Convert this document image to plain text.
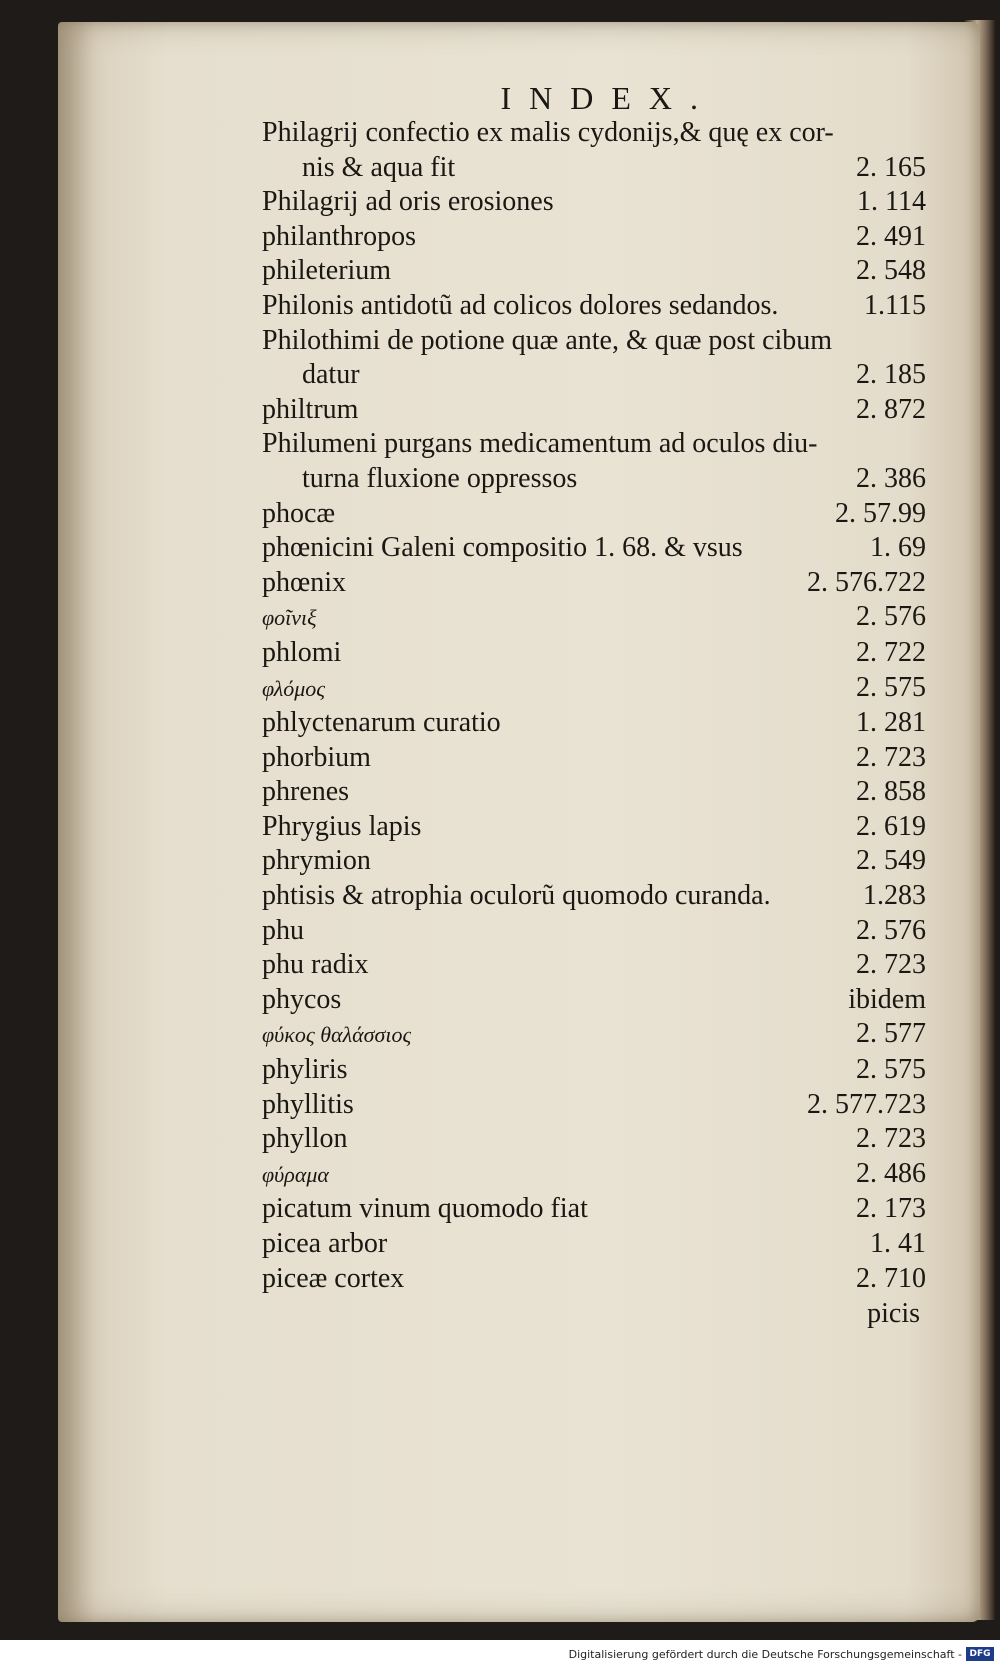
INDEX.
Philagrij confectio ex malis cydonijs,& quę ex cor-
nis & aqua fit	2. 165
Philagrij ad oris erosiones	1. 114
philanthropos	2. 491
phileterium	2. 548
Philonis antidotũ ad colicos dolores sedandos.	1.115
Philothimi de potione quæ ante, & quæ post cibum
datur	2. 185
philtrum	2. 872
Philumeni purgans medicamentum ad oculos diu-
turna fluxione oppressos	2. 386
phocæ	2. 57.99
phœnicini Galeni compositio 1. 68. & vsus	1. 69
phœnix	2. 576.722
φοῖνιξ	2. 576
phlomi	2. 722
φλόμος	2. 575
phlyctenarum curatio	1. 281
phorbium	2. 723
phrenes	2. 858
Phrygius lapis	2. 619
phrymion	2. 549
phtisis & atrophia oculorũ quomodo curanda.	1.283
phu	2. 576
phu radix	2. 723
phycos	ibidem
φύκος θαλάσσιος	2. 577
phyliris	2. 575
phyllitis	2. 577.723
phyllon	2. 723
φύραμα	2. 486
picatum vinum quomodo fiat	2. 173
picea arbor	1. 41
piceæ cortex	2. 710
picis
Digitalisierung gefördert durch die Deutsche Forschungsgemeinschaft - DFG
